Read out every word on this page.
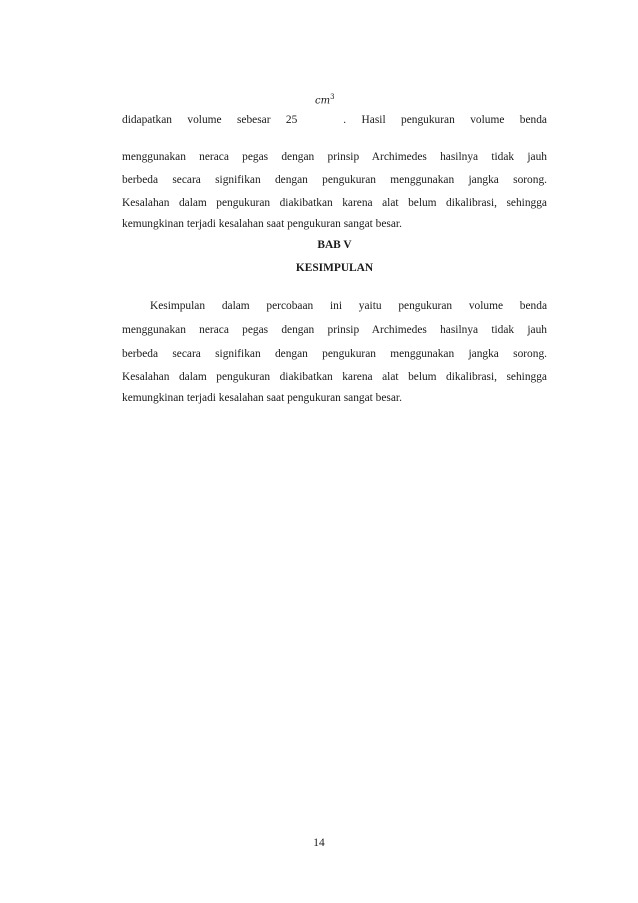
$cm^3$
didapatkan volume sebesar 25	. Hasil pengukuran volume benda
menggunakan neraca pegas dengan prinsip Archimedes hasilnya tidak jauh
berbeda secara signifikan dengan pengukuran menggunakan jangka sorong.
Kesalahan dalam pengukuran diakibatkan karena alat belum dikalibrasi, sehingga
kemungkinan terjadi kesalahan saat pengukuran sangat besar.
BAB V
KESIMPULAN
Kesimpulan dalam percobaan ini yaitu pengukuran volume benda
menggunakan neraca pegas dengan prinsip Archimedes hasilnya tidak jauh
berbeda secara signifikan dengan pengukuran menggunakan jangka sorong.
Kesalahan dalam pengukuran diakibatkan karena alat belum dikalibrasi, sehingga
kemungkinan terjadi kesalahan saat pengukuran sangat besar.
14
